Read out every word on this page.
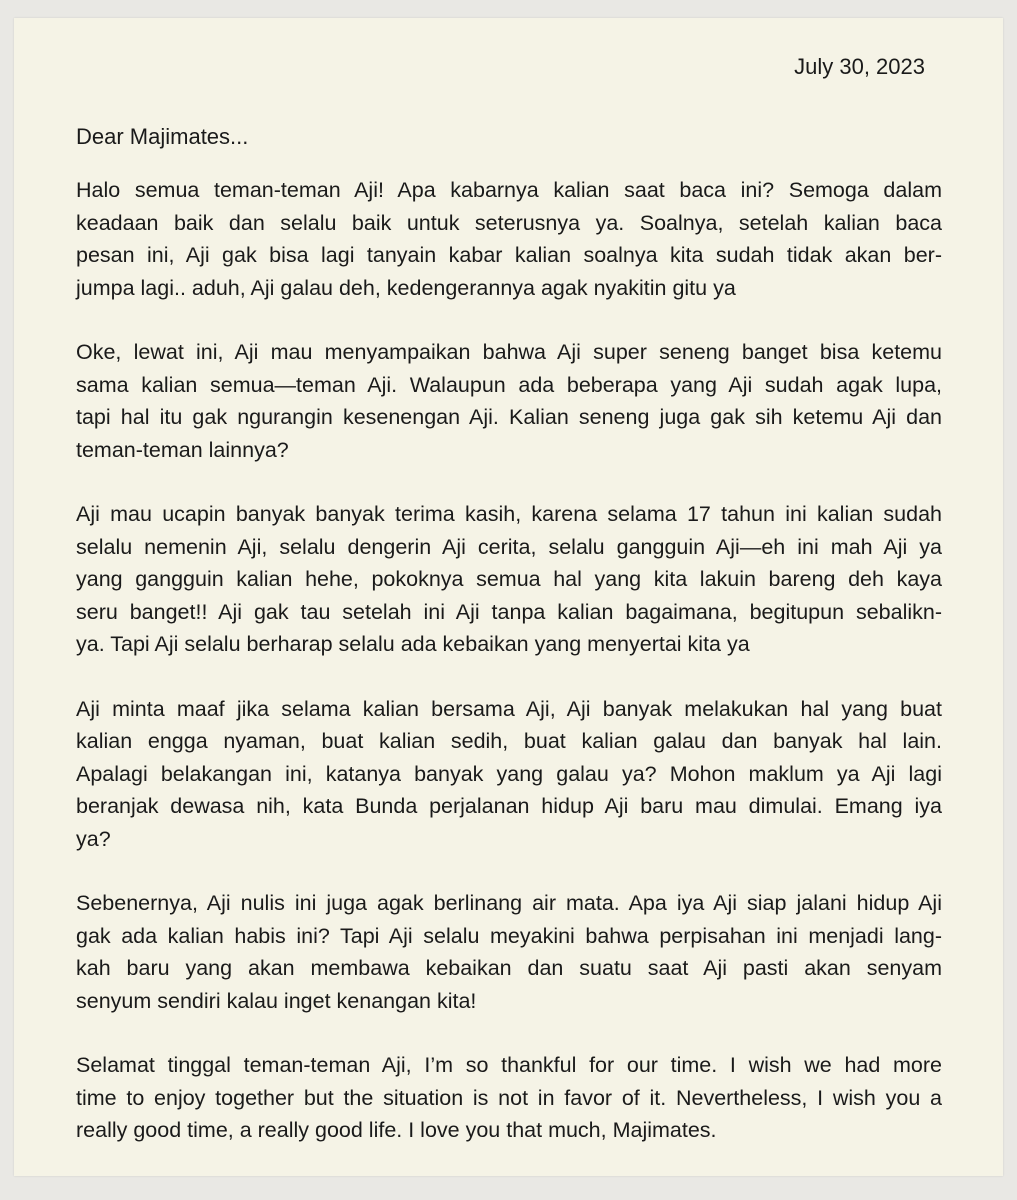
July 30, 2023
Dear Majimates...
Halo semua teman-teman Aji! Apa kabarnya kalian saat baca ini? Semoga dalam
keadaan baik dan selalu baik untuk seterusnya ya. Soalnya, setelah kalian baca
pesan ini, Aji gak bisa lagi tanyain kabar kalian soalnya kita sudah tidak akan ber-
jumpa lagi.. aduh, Aji galau deh, kedengerannya agak nyakitin gitu ya
Oke, lewat ini, Aji mau menyampaikan bahwa Aji super seneng banget bisa ketemu
sama kalian semua—teman Aji. Walaupun ada beberapa yang Aji sudah agak lupa,
tapi hal itu gak ngurangin kesenengan Aji. Kalian seneng juga gak sih ketemu Aji dan
teman-teman lainnya?
Aji mau ucapin banyak banyak terima kasih, karena selama 17 tahun ini kalian sudah
selalu nemenin Aji, selalu dengerin Aji cerita, selalu gangguin Aji—eh ini mah Aji ya
yang gangguin kalian hehe, pokoknya semua hal yang kita lakuin bareng deh kaya
seru banget!! Aji gak tau setelah ini Aji tanpa kalian bagaimana, begitupun sebalikn-
ya. Tapi Aji selalu berharap selalu ada kebaikan yang menyertai kita ya
Aji minta maaf jika selama kalian bersama Aji, Aji banyak melakukan hal yang buat
kalian engga nyaman, buat kalian sedih, buat kalian galau dan banyak hal lain.
Apalagi belakangan ini, katanya banyak yang galau ya? Mohon maklum ya Aji lagi
beranjak dewasa nih, kata Bunda perjalanan hidup Aji baru mau dimulai. Emang iya
ya?
Sebenernya, Aji nulis ini juga agak berlinang air mata. Apa iya Aji siap jalani hidup Aji
gak ada kalian habis ini? Tapi Aji selalu meyakini bahwa perpisahan ini menjadi lang-
kah baru yang akan membawa kebaikan dan suatu saat Aji pasti akan senyam
senyum sendiri kalau inget kenangan kita!
Selamat tinggal teman-teman Aji, I’m so thankful for our time. I wish we had more
time to enjoy together but the situation is not in favor of it. Nevertheless, I wish you a
really good time, a really good life. I love you that much, Majimates.
